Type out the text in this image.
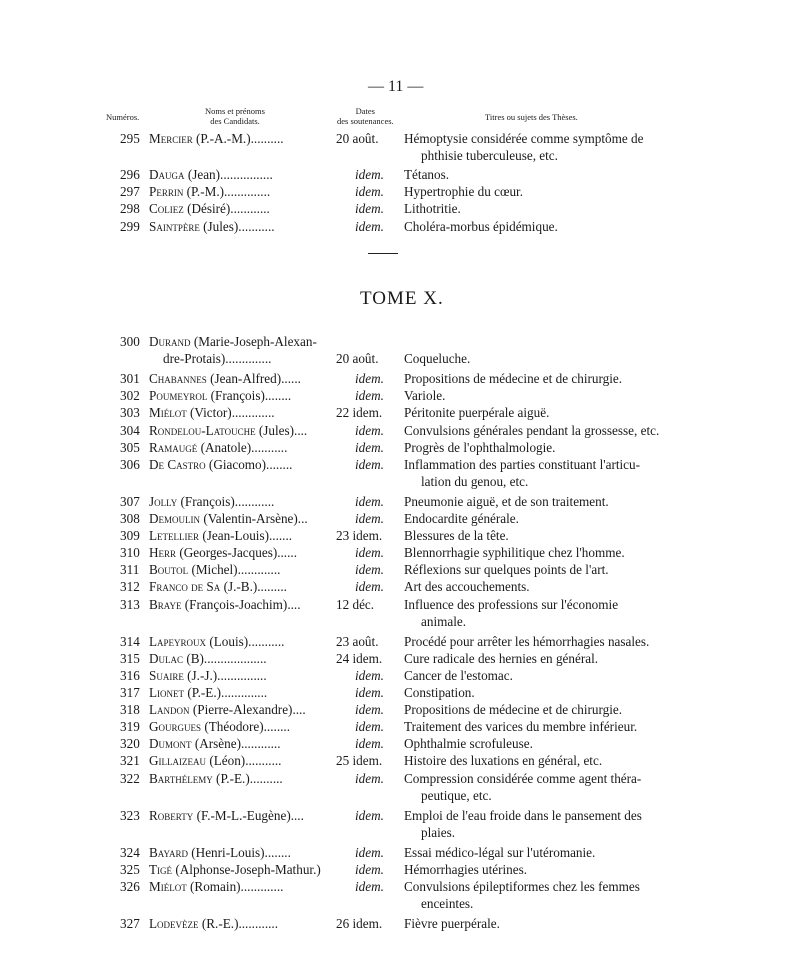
— 11 —
Numéros.
Noms et prénoms
des Candidats.
Dates
des soutenances.	Titres ou sujets des Thèses.
295 Mercier (P.-A.-M.)..........	20 août. Hémoptysie considérée comme symptôme de
phthisie tuberculeuse, etc.
296 Dauga (Jean)................	idem. Tétanos.
297 Perrin (P.-M.)..............	idem. Hypertrophie du cœur.
298 Coliez (Désiré)............	idem. Lithotritie.
299 Saintpère (Jules)...........	idem. Choléra-morbus épidémique.
TOME X.
300 Durand (Marie-Joseph-Alexan-
dre-Protais)..............	20 août. Coqueluche.
301 Chabannes (Jean-Alfred)......	idem. Propositions de médecine et de chirurgie.
302 Poumeyrol (François)........	idem. Variole.
303 Miélot (Victor).............	22 idem. Péritonite puerpérale aiguë.
304 Rondelou-Latouche (Jules)....	idem. Convulsions générales pendant la grossesse, etc.
305 Ramaugé (Anatole)...........	idem. Progrès de l'ophthalmologie.
306 De Castro (Giacomo)........	idem. Inflammation des parties constituant l'articu-
lation du genou, etc.
307 Jolly (François)............	idem. Pneumonie aiguë, et de son traitement.
308 Demoulin (Valentin-Arsène)...	idem. Endocardite générale.
309 Letellier (Jean-Louis).......	23 idem. Blessures de la tête.
310 Herr (Georges-Jacques)......	idem. Blennorrhagie syphilitique chez l'homme.
311 Boutol (Michel).............	idem. Réflexions sur quelques points de l'art.
312 Franco de Sa (J.-B.).........	idem. Art des accouchements.
313 Braye (François-Joachim)....	12 déc. Influence des professions sur l'économie
animale.
314 Lapeyroux (Louis)...........	23 août. Procédé pour arrêter les hémorrhagies nasales.
315 Dulac (B)...................	24 idem. Cure radicale des hernies en général.
316 Suaire (J.-J.)...............	idem. Cancer de l'estomac.
317 Lionet (P.-E.)..............	idem. Constipation.
318 Landon (Pierre-Alexandre)....	idem. Propositions de médecine et de chirurgie.
319 Gourgues (Théodore)........	idem. Traitement des varices du membre inférieur.
320 Dumont (Arsène)............	idem. Ophthalmie scrofuleuse.
321 Gillaizeau (Léon)...........	25 idem. Histoire des luxations en général, etc.
322 Barthélemy (P.-E.)..........	idem. Compression considérée comme agent théra-
peutique, etc.
323 Roberty (F.-M-L.-Eugène)....	idem. Emploi de l'eau froide dans le pansement des
plaies.
324 Bayard (Henri-Louis)........	idem. Essai médico-légal sur l'utéromanie.
325 Tigé (Alphonse-Joseph-Mathur.)	idem. Hémorrhagies utérines.
326 Miélot (Romain).............	idem. Convulsions épileptiformes chez les femmes
enceintes.
327 Lodevèze (R.-E.)............	26 idem. Fièvre puerpérale.
